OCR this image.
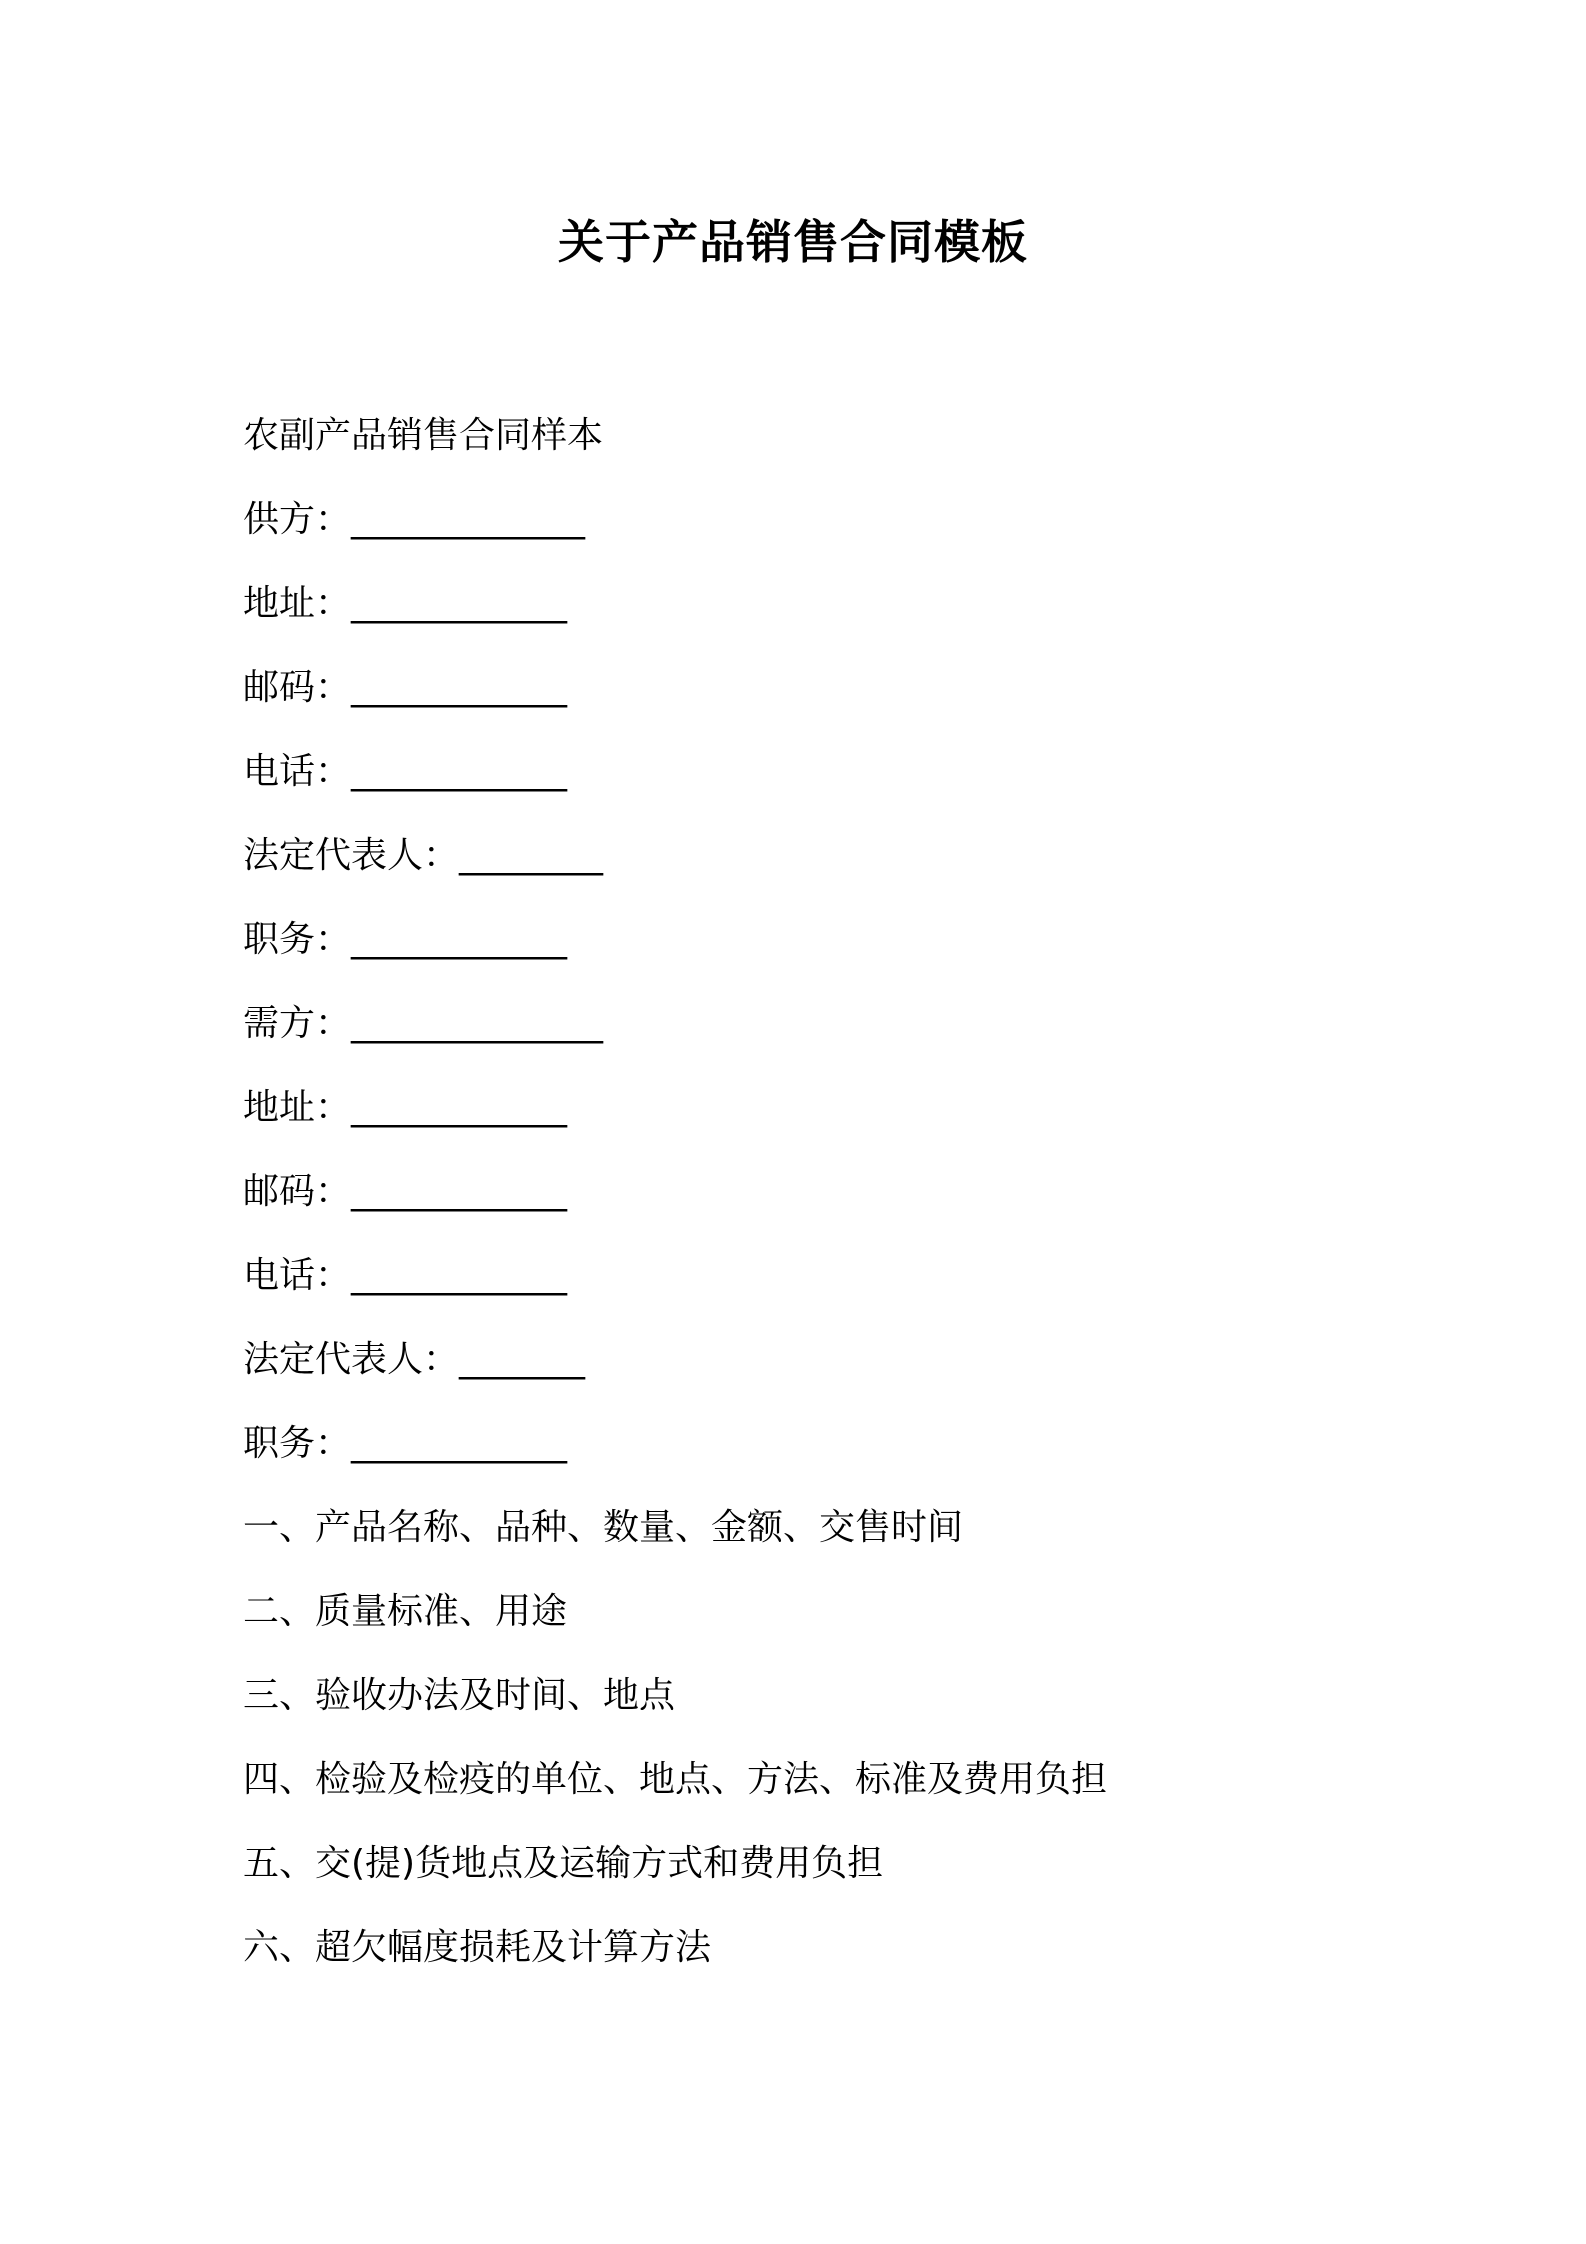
关于产品销售合同模板
农副产品销售合同样本
供方：_____________
地址：____________
邮码：____________
电话：____________
法定代表人：________
职务：____________
需方：______________
地址：____________
邮码：____________
电话：____________
法定代表人：_______
职务：____________
一、产品名称、品种、数量、金额、交售时间
二、质量标准、用途
三、验收办法及时间、地点
四、检验及检疫的单位、地点、方法、标准及费用负担
五、交(提)货地点及运输方式和费用负担
六、超欠幅度损耗及计算方法
